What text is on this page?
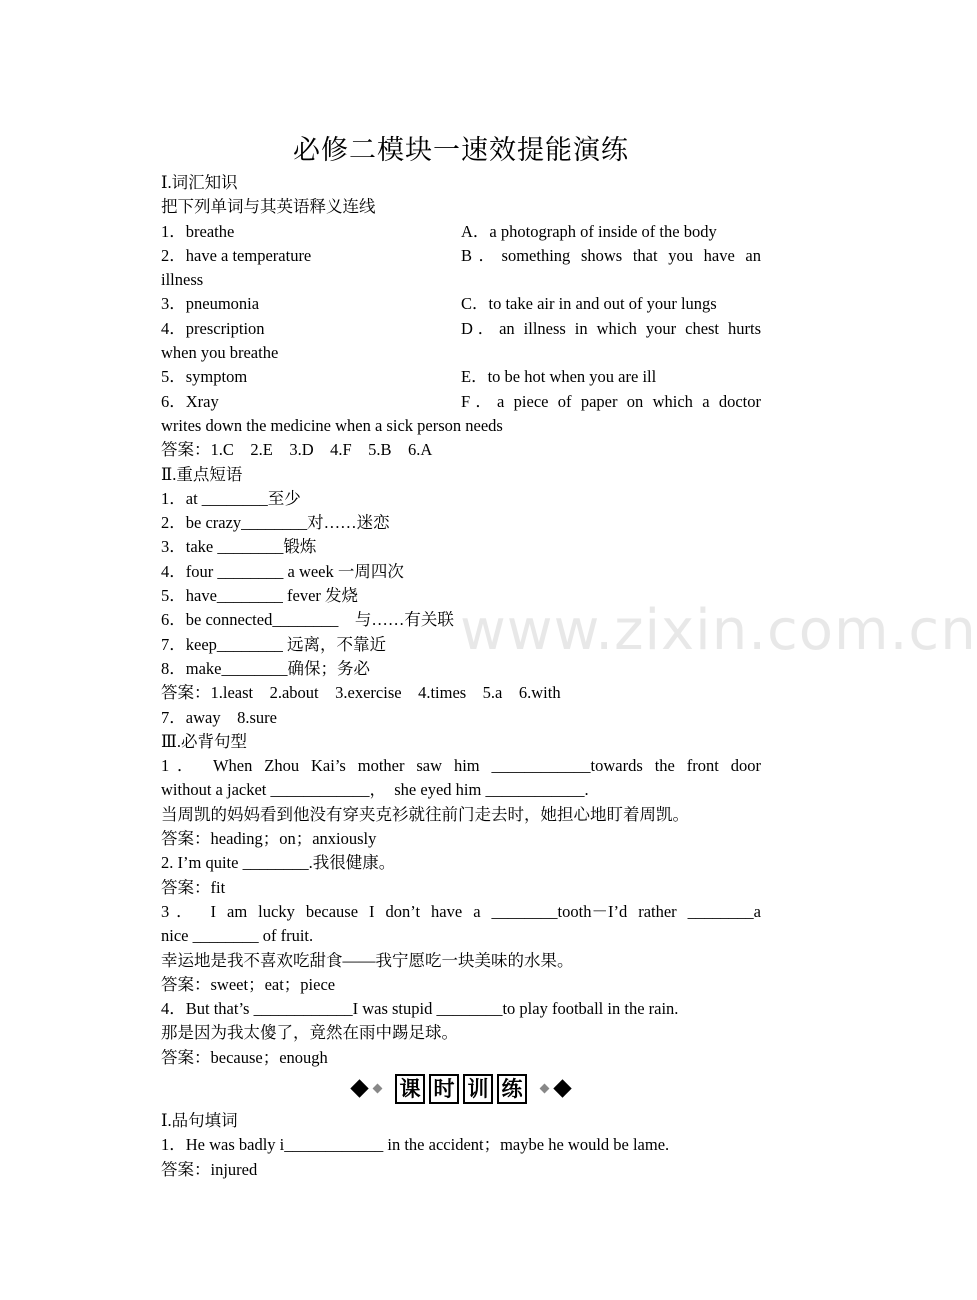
必修二模块一速效提能演练
Ⅰ.词汇知识
把下列单词与其英语释义连线
1．breathe	A．a photograph of inside of the body
2．have a temperature	B．something shows that you have an
illness
3．pneumonia	C．to take air in and out of your lungs
4．prescription	D．an illness in which your chest hurts
when you breathe
5．symptom	E．to be hot when you are ill
6．Xray	F．a piece of paper on which a doctor
writes down the medicine when a sick person needs
答案：1.C　2.E　3.D　4.F　5.B　6.A
Ⅱ.重点短语
1．at ________至少
2．be crazy________对……迷恋
3．take ________锻炼
4．four ________ a week 一周四次
5．have________ fever 发烧
6．be connected________　与……有关联
7．keep________ 远离，不靠近
8．make________确保；务必
答案：1.least　2.about　3.exercise　4.times　5.a　6.with
7．away　8.sure
Ⅲ.必背句型
1． When Zhou Kai’s mother saw him ____________towards the front door
without a jacket ____________，　she eyed him ____________.
当周凯的妈妈看到他没有穿夹克衫就往前门走去时，她担心地盯着周凯。
答案：heading；on；anxiously
2. I’m quite ________.我很健康。
答案：fit
3． I am lucky because I don’t have a ________tooth－I’d rather ________a
nice ________ of fruit.
幸运地是我不喜欢吃甜食——我宁愿吃一块美味的水果。
答案：sweet；eat；piece
4．But that’s ____________I was stupid ________to play football in the rain.
那是因为我太傻了，竟然在雨中踢足球。
答案：because；enough
课 时 训 练
Ⅰ.品句填词
1．He was badly i____________ in the accident；maybe he would be lame.
答案：injured
www.zixin.com.cn
